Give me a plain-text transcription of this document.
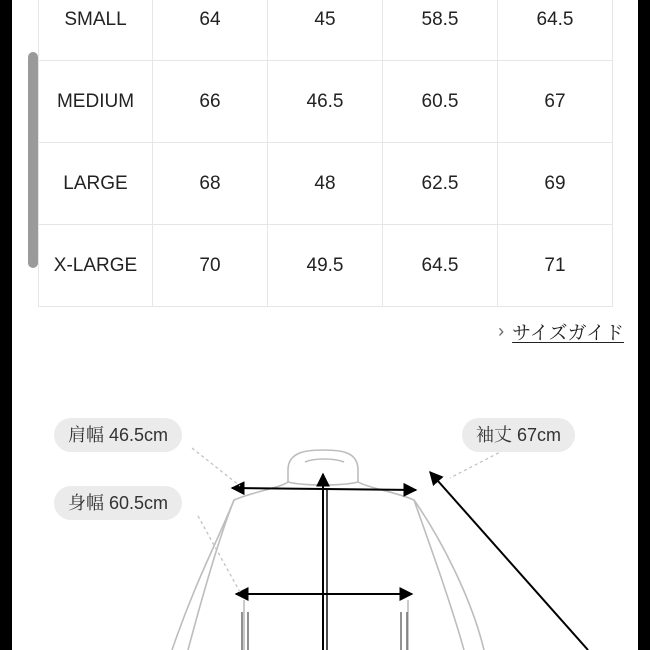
SMALL	64	45	58.5	64.5
MEDIUM	66	46.5	60.5	67
LARGE	68	48	62.5	69
X-LARGE	70	49.5	64.5	71
› サイズガイド
肩幅 46.5cm
身幅 60.5cm
袖丈 67cm
